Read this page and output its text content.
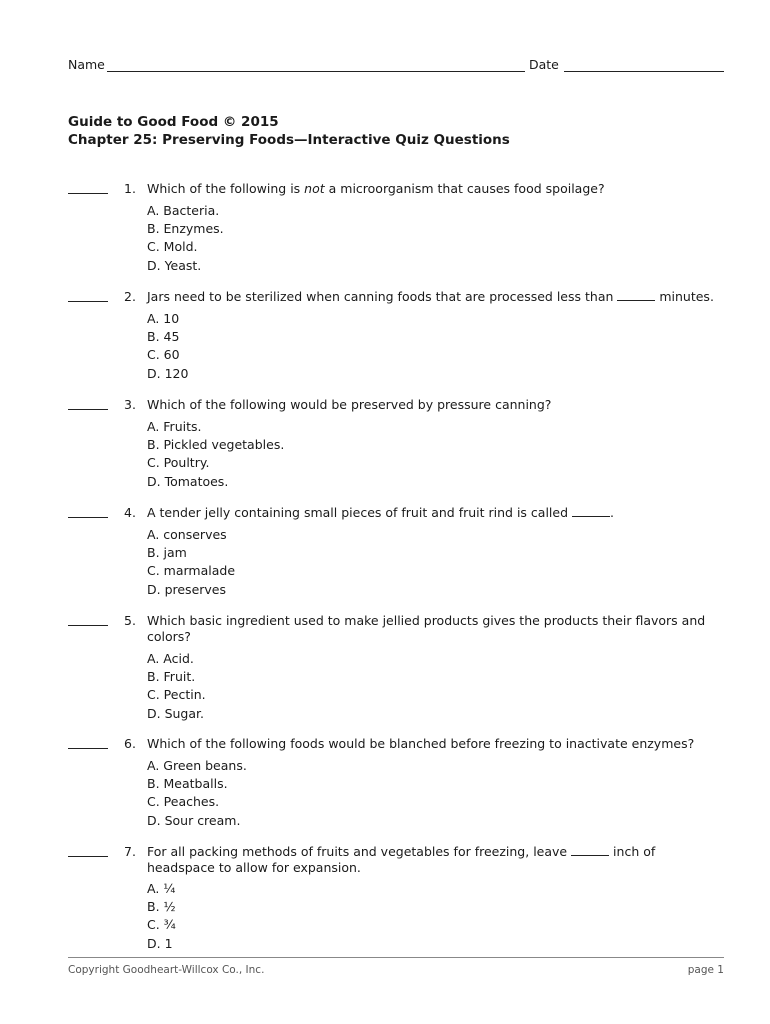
Name	Date
Guide to Good Food © 2015
Chapter 25: Preserving Foods—Interactive Quiz Questions
1. Which of the following is not a microorganism that causes food spoilage?
A. Bacteria.
B. Enzymes.
C. Mold.
D. Yeast.
2. Jars need to be sterilized when canning foods that are processed less than	minutes.
A. 10
B. 45
C. 60
D. 120
3. Which of the following would be preserved by pressure canning?
A. Fruits.
B. Pickled vegetables.
C. Poultry.
D. Tomatoes.
4. A tender jelly containing small pieces of fruit and fruit rind is called	.
A. conserves
B. jam
C. marmalade
D. preserves
5. Which basic ingredient used to make jellied products gives the products their flavors and colors?
A. Acid.
B. Fruit.
C. Pectin.
D. Sugar.
6. Which of the following foods would be blanched before freezing to inactivate enzymes?
A. Green beans.
B. Meatballs.
C. Peaches.
D. Sour cream.
7. For all packing methods of fruits and vegetables for freezing, leave	inch of headspace to allow for expansion.
A. ¼
B. ½
C. ¾
D. 1
Copyright Goodheart-Willcox Co., Inc.	page 1
